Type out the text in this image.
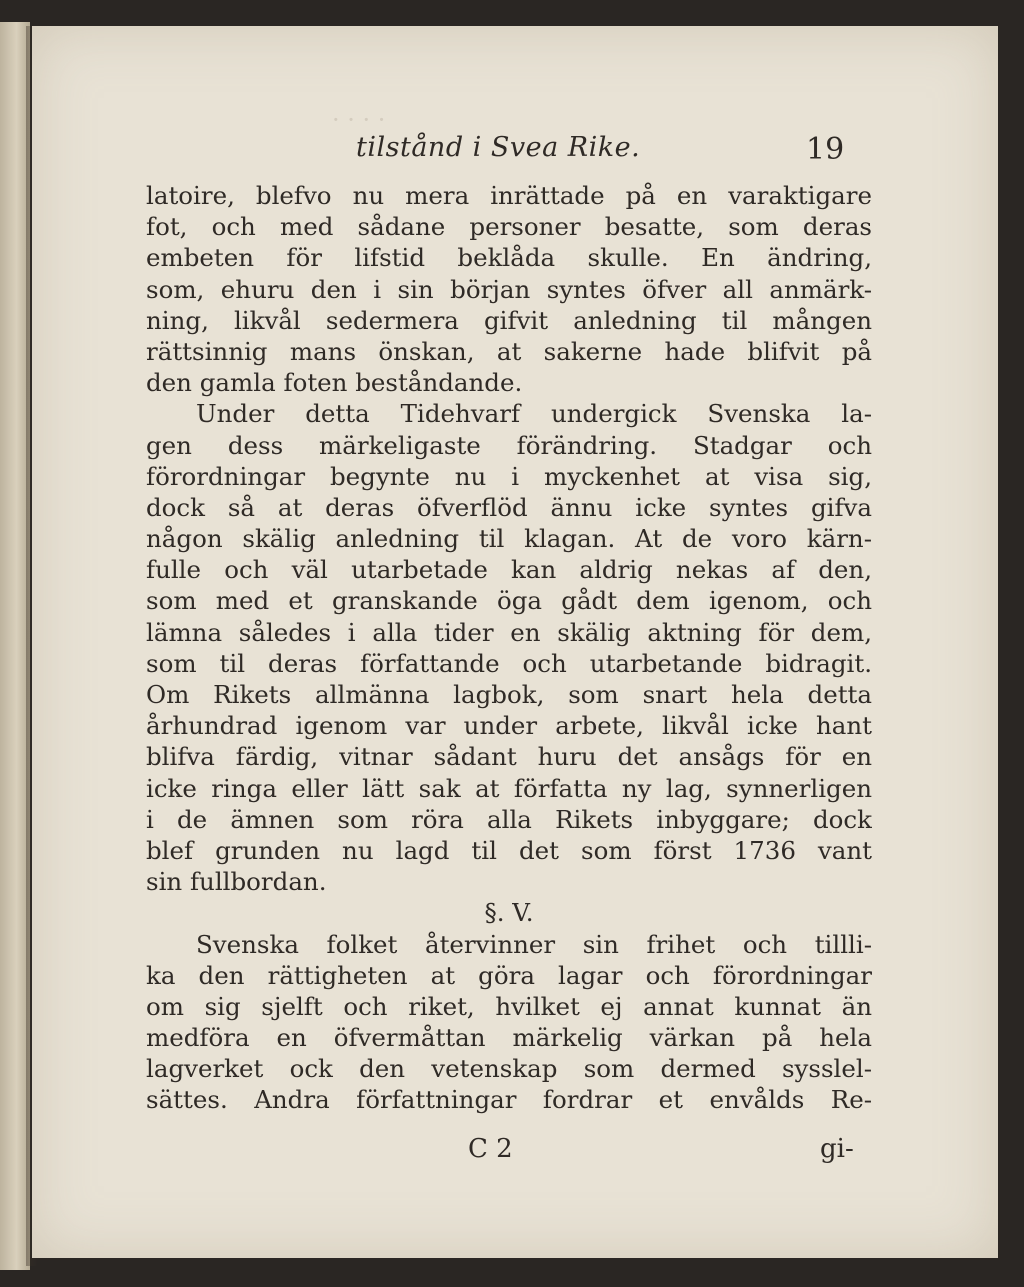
· · · ·
tilstånd i Svea Rike.	19
latoire, blefvo nu mera inrättade på en varaktigare
fot, och med sådane personer besatte, som deras
embeten för lifstid beklåda skulle. En ändring,
som, ehuru den i sin början syntes öfver all anmärk-
ning, likvål sedermera gifvit anledning til mången
rättsinnig mans önskan, at sakerne hade blifvit på
den gamla foten beståndande.
Under detta Tidehvarf undergick Svenska la-
gen dess märkeligaste förändring. Stadgar och
förordningar begynte nu i myckenhet at visa sig,
dock så at deras öfverflöd ännu icke syntes gifva
någon skälig anledning til klagan. At de voro kärn-
fulle och väl utarbetade kan aldrig nekas af den,
som med et granskande öga gådt dem igenom, och
lämna således i alla tider en skälig aktning för dem,
som til deras författande och utarbetande bidragit.
Om Rikets allmänna lagbok, som snart hela detta
århundrad igenom var under arbete, likvål icke hant
blifva färdig, vitnar sådant huru det ansågs för en
icke ringa eller lätt sak at författa ny lag, synnerligen
i de ämnen som röra alla Rikets inbyggare; dock
blef grunden nu lagd til det som först 1736 vant
sin fullbordan.
§. V.
Svenska folket återvinner sin frihet och tillli-
ka den rättigheten at göra lagar och förordningar
om sig sjelft och riket, hvilket ej annat kunnat än
medföra en öfvermåttan märkelig värkan på hela
lagverket ock den vetenskap som dermed sysslel-
sättes. Andra författningar fordrar et envålds Re-
C 2	gi-
